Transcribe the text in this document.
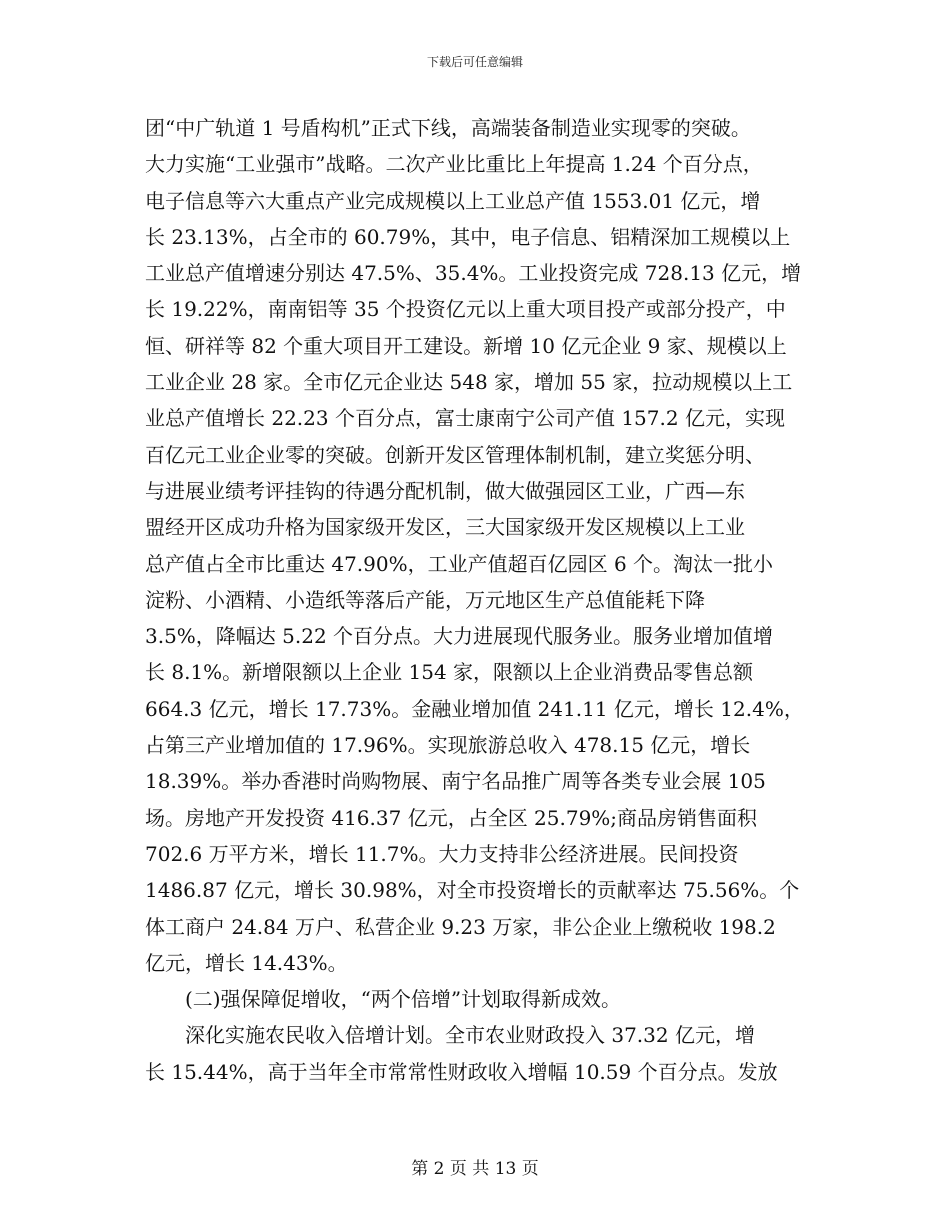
下载后可任意编辑
团“中广轨道 1 号盾构机”正式下线，高端装备制造业实现零的突破。
大力实施“工业强市”战略。二次产业比重比上年提高 1.24 个百分点，
电子信息等六大重点产业完成规模以上工业总产值 1553.01 亿元，增
长 23.13%，占全市的 60.79%，其中，电子信息、铝精深加工规模以上
工业总产值增速分别达 47.5%、35.4%。工业投资完成 728.13 亿元，增
长 19.22%，南南铝等 35 个投资亿元以上重大项目投产或部分投产，中
恒、研祥等 82 个重大项目开工建设。新增 10 亿元企业 9 家、规模以上
工业企业 28 家。全市亿元企业达 548 家，增加 55 家，拉动规模以上工
业总产值增长 22.23 个百分点，富士康南宁公司产值 157.2 亿元，实现
百亿元工业企业零的突破。创新开发区管理体制机制，建立奖惩分明、
与进展业绩考评挂钩的待遇分配机制，做大做强园区工业，广西—东
盟经开区成功升格为国家级开发区，三大国家级开发区规模以上工业
总产值占全市比重达 47.90%，工业产值超百亿园区 6 个。淘汰一批小
淀粉、小酒精、小造纸等落后产能，万元地区生产总值能耗下降
3.5%，降幅达 5.22 个百分点。大力进展现代服务业。服务业增加值增
长 8.1%。新增限额以上企业 154 家，限额以上企业消费品零售总额
664.3 亿元，增长 17.73%。金融业增加值 241.11 亿元，增长 12.4%，
占第三产业增加值的 17.96%。实现旅游总收入 478.15 亿元，增长
18.39%。举办香港时尚购物展、南宁名品推广周等各类专业会展 105
场。房地产开发投资 416.37 亿元，占全区 25.79%;商品房销售面积
702.6 万平方米，增长 11.7%。大力支持非公经济进展。民间投资
1486.87 亿元，增长 30.98%，对全市投资增长的贡献率达 75.56%。个
体工商户 24.84 万户、私营企业 9.23 万家，非公企业上缴税收 198.2
亿元，增长 14.43%。
(二)强保障促增收，“两个倍增”计划取得新成效。
深化实施农民收入倍增计划。全市农业财政投入 37.32 亿元，增
长 15.44%，高于当年全市常常性财政收入增幅 10.59 个百分点。发放
第 2 页 共 13 页
